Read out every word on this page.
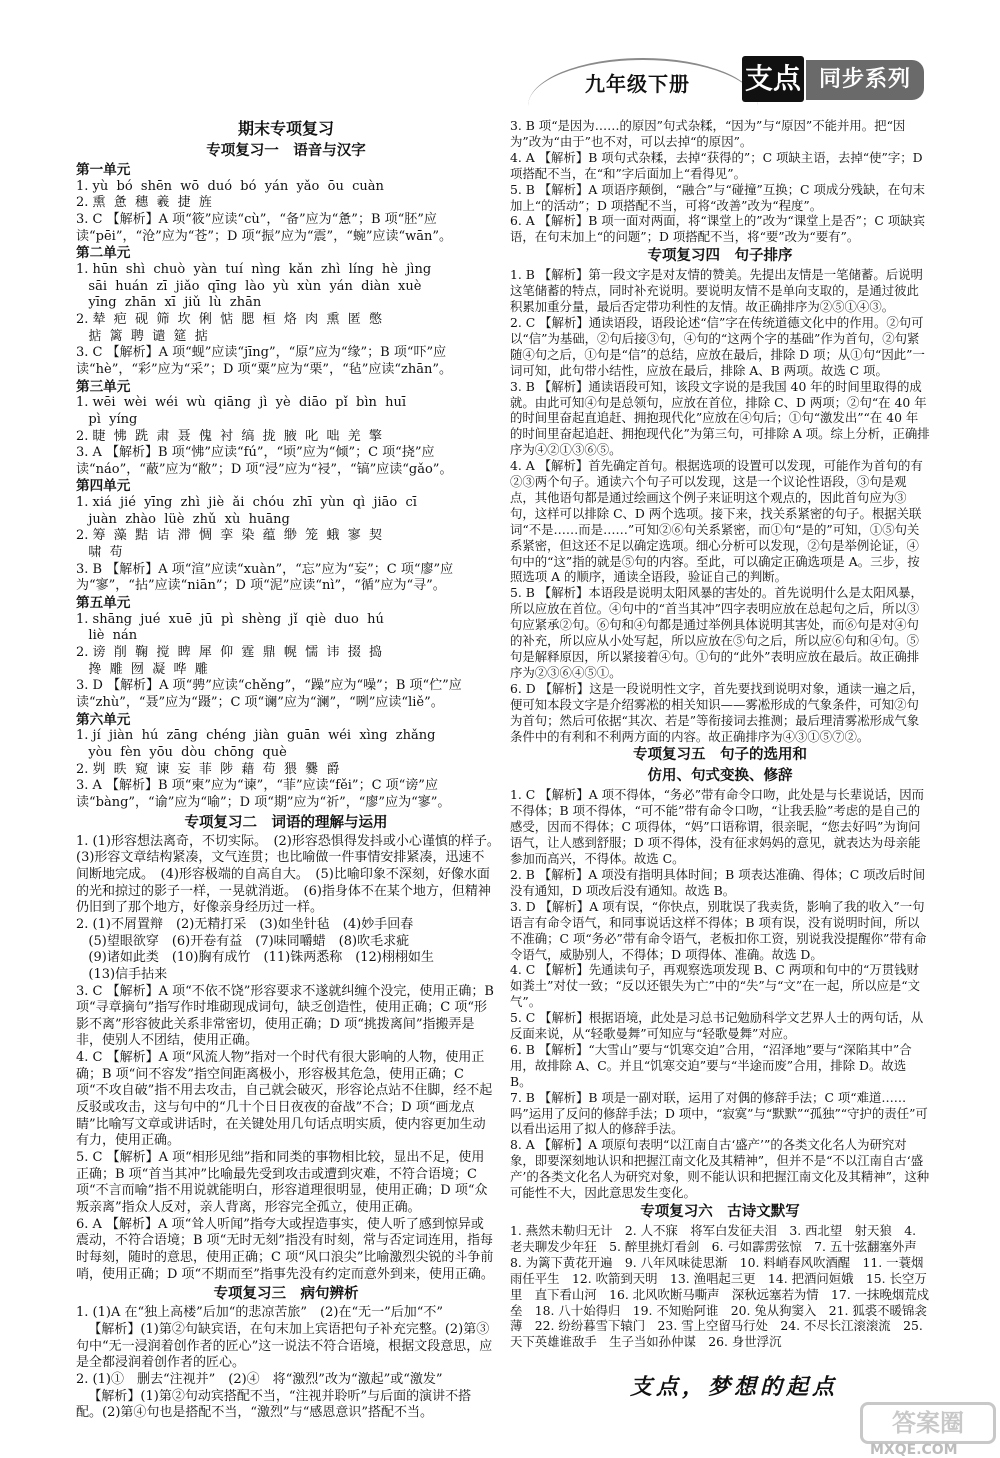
九年级下册 支点 同步系列
期末专项复习
专项复习一　语音与汉字
第一单元
1. yù  bó  shēn  wō  duó  bó  yán  yǎo  ōu  cuàn
2. 熏  惫  穗  羲  捷  旌
3. C 【解析】A 项“筱”应读“cù”，“备”应为“惫”；B 项“胚”应读“pēi”，“沧”应为“苍”；D 项“振”应为“震”，“蜿”应读“wān”。
第二单元
1. hūn  shì  chuò  yàn  tuí  nìng  kǎn  zhì  líng  hè  jìng
sāi  huán  zī  jiǎo  qīng  lào  yù  xùn  yán  diàn  xuè
yīng  zhān  xī  jiǔ  lù  zhān
2. 辇  疤  砚  筛  坎  俐  惦  腮  桓  烙  肉  熏  匿  憋
掂  篱  聘  谴  筵  掂
3. C 【解析】A 项“蚬”应读“jīng”，“原”应为“缘”；B 项“吓”应读“hè”，“彩”应为“采”；D 项“粟”应为“栗”，“毡”应读“zhān”。
第三单元
1. wēi  wèi  wéi  wù  qiāng  jì  yè  diāo  pǐ  bìn  huī
pì  yíng
2. 睫  怫  跣  肃  聂  傀  衬  缟  拢  腋  叱  咄  羌  擎
3. A 【解析】B 项“怫”应读“fú”，“顷”应为“倾”；C 项“挠”应读“náo”，“蔽”应为“敝”；D 项“浸”应为“祲”，“镐”应读“gǎo”。
第四单元
1. xiá  jié  yīng  zhì  jiè  ǎi  chóu  zhī  yùn  qì  jiāo  cī
juàn  zhào  lüè  zhǔ  xù  huāng
2. 筹  藻  黠  诘  滞  惆  挛  染  蕴  缈  笼  蛾  寥  契
啸  苟
3. B 【解析】A 项“渲”应读“xuàn”，“忘”应为“妄”；C 项“廖”应为“寥”，“拈”应读“niān”；D 项“泥”应读“nì”，“循”应为“寻”。
第五单元
1. shāng  jué  xuē  jū  pì  shèng  jǐ  qiè  duo  hú
liè  nán
2. 谤  削  鞠  搅  睥  犀  仰  霆  鼎  幌  懦  讳  掇  捣
搀  雕  囫  凝  哗  雕
3. D 【解析】A 项“骋”应读“chěng”，“躁”应为“噪”；B 项“伫”应读“zhù”，“聂”应为“蹑”；C 项“谰”应为“澜”，“咧”应读“liě”。
第六单元
1. jí  jiàn  hú  zāng  chéng  jiàn  guān  wéi  xìng  zhǎng
yòu  fèn  yōu  dòu  chōng  què
2. 刿  眣  窥  谏  妄  菲  陟  藉  苟  猥  爨  爵
3. A 【解析】B 项“柬”应为“谏”，“菲”应读“fěi”；C 项“谤”应读“bàng”，“谕”应为“喻”；D 项“期”应为“祈”，“廖”应为“寥”。
专项复习二　词语的理解与运用
1. (1)形容想法离奇，不切实际。　(2)形容恐惧得发抖或小心谨慎的样子。　(3)形容文章结构紧凑，文气连贯；也比喻做一件事情安排紧凑，迅速不间断地完成。　(4)形容极端的自高自大。　(5)比喻印象不深刻，好像水面的光和掠过的影子一样，一晃就消逝。　(6)指身体不在某个地方，但精神仍旧到了那个地方，好像亲身经历过一样。
2. (1)不屑置辩　(2)无精打采　(3)如坐针毡　(4)妙手回春
(5)望眼欲穿　(6)开卷有益　(7)味同嚼蜡　(8)吹毛求疵
(9)诸如此类　(10)胸有成竹　(11)铢两悉称　(12)栩栩如生
(13)信手拈来
3. C 【解析】A 项“不依不饶”形容要求不遂就纠缠个没完，使用正确；B 项“寻章摘句”指写作时堆砌现成词句，缺乏创造性，使用正确；C 项“形影不离”形容彼此关系非常密切，使用正确；D 项“挑拨离间”指搬弄是非，使别人不团结，使用正确。
4. C 【解析】A 项“风流人物”指对一个时代有很大影响的人物，使用正确；B 项“问不容发”指空间距离极小，形容极其危急，使用正确；C 项“不攻自破”指不用去攻击，自己就会破灭，形容论点站不住脚，经不起反驳或攻击，这与句中的“几十个日日夜夜的奋战”不合；D 项“画龙点睛”比喻写文章或讲话时，在关键处用几句话点明实质，使内容更加生动有力，使用正确。
5. C 【解析】A 项“相形见绌”指和同类的事物相比较，显出不足，使用正确；B 项“首当其冲”比喻最先受到攻击或遭到灾难，不符合语境；C 项“不言而喻”指不用说就能明白，形容道理很明显，使用正确；D 项“众叛亲离”指众人反对，亲人背离，形容完全孤立，使用正确。
6. A 【解析】A 项“耸人听闻”指夸大或捏造事实，使人听了感到惊异或震动，不符合语境；B 项“无时无刻”指没有时刻，常与否定词连用，指每时每刻，随时的意思，使用正确；C 项“风口浪尖”比喻激烈尖锐的斗争前哨，使用正确；D 项“不期而至”指事先没有约定而意外到来，使用正确。
专项复习三　病句辨析
1. (1)A 在“独上高楼”后加“的悲凉苦旅”　(2)在“无一”后加“不”
【解析】(1)第②句缺宾语，在句末加上宾语把句子补充完整。(2)第③句中“无一浸润着创作者的匠心”这一说法不符合语境，根据文段意思，应是全都浸润着创作者的匠心。
2. (1)①　删去“注视并”　(2)④　将“激烈”改为“激起”或“激发”
【解析】(1)第②句动宾搭配不当，“注视并聆听”与后面的演讲不搭配。(2)第④句也是搭配不当，“激烈”与“感恩意识”搭配不当。
3. B 项“是因为……的原因”句式杂糅，“因为”与“原因”不能并用。把“因为”改为“由于”也不对，可以去掉“的原因”。
4. A 【解析】B 项句式杂糅，去掉“获得的”；C 项缺主语，去掉“使”字；D 项搭配不当，在“和”字后面加上“看得见”。
5. B 【解析】A 项语序颠倒，“融合”与“碰撞”互换；C 项成分残缺，在句末加上“的活动”；D 项搭配不当，可将“改善”改为“程度”。
6. A 【解析】B 项一面对两面，将“课堂上的”改为“课堂上是否”；C 项缺宾语，在句末加上“的问题”；D 项搭配不当，将“要”改为“要有”。
专项复习四　句子排序
1. B 【解析】第一段文字是对友情的赞美。先提出友情是一笔储蓄。后说明这笔储蓄的特点，同时补充说明。要说明友情不是单向支取的，是通过彼此积累加重分量，最后否定带功利性的友情。故正确排序为②⑤①④③。
2. C 【解析】通读语段，语段论述“信”字在传统道德文化中的作用。②句可以“信”为基础，②句后接③句，④句的“这两个字的基础”作为首句，②句紧随④句之后，①句是“信”的总结，应放在最后，排除 D 项；从①句“因此”一词可知，此句带小结性，应放在最后，排除 A、B 两项。故选 C 项。
3. B 【解析】通读语段可知，该段文字说的是我国 40 年的时间里取得的成就。由此可知④句是总领句，应放在首位，排除 C、D 两项；②句“在 40 年的时间里奋起直追赶、拥抱现代化”应放在④句后；①句“激发出”“在 40 年的时间里奋起追赶、拥抱现代化”为第三句，可排除 A 项。综上分析，正确排序为④②①③⑥⑤。
4. A 【解析】首先确定首句。根据选项的设置可以发现，可能作为首句的有②③两个句子。通读六个句子可以发现，这是一个议论性语段，③句是观点，其他语句都是通过绘画这个例子来证明这个观点的，因此首句应为③句，这样可以排除 C、D 两个选项。接下来，找关系紧密的句子。根据关联词“不是……而是……”可知②⑥句关系紧密，而①句“是的”可知，①⑤句关系紧密，但这还不足以确定选项。细心分析可以发现，②句是举例论证，④句中的“这”指的就是⑤句的内容。至此，可以确定正确选项是 A。三步，按照选项 A 的顺序，通读全语段，验证自己的判断。
5. B 【解析】本语段是说明太阳风暴的害处的。首先说明什么是太阳风暴，所以应放在首位。④句中的“首当其冲”四字表明应放在总起句之后，所以③句应紧承②句。⑥句和④句都是通过举例具体说明其害处，而⑥句是对④句的补充，所以应从小处写起，所以应放在⑤句之后，所以应⑥句和④句。⑤句是解释原因，所以紧接着④句。①句的“此外”表明应放在最后。故正确排序为②③⑥④⑤①。
6. D 【解析】这是一段说明性文字，首先要找到说明对象，通读一遍之后，便可知本段文字是介绍雾凇的相关知识——雾凇形成的气象条件，可知②句为首句；然后可依据“其次、若是”等衔接词去推测；最后理清雾凇形成气象条件中的有利和不利两方面的内容。故正确排序为④③①⑤⑦②。
专项复习五　句子的选用和
仿用、句式变换、修辞
1. C 【解析】A 项不得体，“务必”带有命令口吻，此处是与长辈说话，因而不得体；B 项不得体，“可不能”带有命令口吻，“让我丢脸”考虑的是自己的感受，因而不得体；C 项得体，“妈”口语称谓，很亲昵，“您去好吗”为询问语气，让人感到舒服；D 项不得体，没有征求妈妈的意见，就表达为母亲能参加而高兴，不得体。故选 C。
2. B 【解析】A 项没有指明具体时间；B 项表达准确、得体；C 项改后时间没有通知，D 项改后没有通知。故选 B。
3. D 【解析】A 项有误，“你快点，别耽误了我卖货，影响了我的收入”一句语言有命令语气，和同事说话这样不得体；B 项有误，没有说明时间，所以不准确；C 项“务必”带有命令语气，老板扣你工资，别说我没提醒你”带有命令语气，威胁别人，不得体；D 项得体、准确。故选 D。
4. C 【解析】先通读句子，再观察选项发现 B、C 两项和句中的“万贯钱财如粪土”对仗一致；“反以还银失为亡”中的“失”与“文”在一起，所以应是“文气”。
5. C 【解析】根据语境，此处是习总书记勉励科学文艺界人士的两句话，从反面来说，从“轻歌曼舞”可知应与“轻歌曼舞”对应。
6. B 【解析】“大雪山”要与“饥寒交迫”合用，“沼泽地”要与“深陷其中”合用，故排除 A、C。并且“饥寒交迫”要与“半途而废”合用，排除 D。故选 B。
7. B 【解析】B 项是一副对联，运用了对偶的修辞手法；C 项“难道……吗”运用了反问的修辞手法；D 项中，“寂寞”与“默默”“孤独”“守护的责任”可以看出运用了拟人的修辞手法。
8. A 【解析】A 项原句表明“以江南自古‘盛产’”的各类文化名人为研究对象，即要深刻地认识和把握江南文化及其精神”，但并不是“不以江南自古‘盛产’的各类文化名人为研究对象，则不能认识和把握江南文化及其精神”，这种可能性不大，因此意思发生变化。
专项复习六　古诗文默写
1. 燕然未勒归无计　2. 人不寐　将军白发征夫泪　3. 西北望　射天狼　4. 老夫聊发少年狂　5. 醉里挑灯看剑　6. 弓如霹雳弦惊　7. 五十弦翻塞外声　8. 为篱下黄花开遍　9. 八年风味徒思渐　10. 料峭春风吹酒醒　11. 一蓑烟雨任平生　12. 吹箭到天明　13. 渔唱起三更　14. 把酒问姮娥　15. 长空万里　直下看山河　16. 北风吹断马嘶声　深秋远塞若为情　17. 一抹晚烟荒戍垒　18. 八十始得归　19. 不知贻阿谁　20. 兔从狗窦入　21. 狐裘不暖锦衾薄　22. 纷纷暮雪下辕门　23. 雪上空留马行处　24. 不尽长江滚滚流　25. 天下英雄谁敌手　生子当如孙仲谋　26. 身世浮沉
支点，梦想的起点
答案圈
MXQE.COM
